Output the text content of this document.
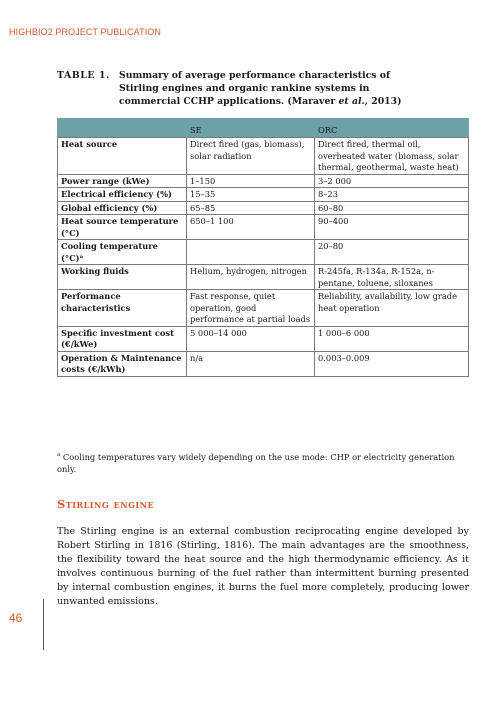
HIGHBIO2 PROJECT PUBLICATION
TABLE 1. Summary of average performance characteristics of Stirling engines and organic rankine systems in commercial CCHP applications. (Maraver et al., 2013)
	SE	ORC
Heat source	Direct fired (gas, biomass), solar radiation	Direct fired, thermal oil, overheated water (biomass, solar thermal, geothermal, waste heat)
Power range (kWe)	1–150	3–2 000
Electrical efficiency (%)	15–35	8–23
Global efficiency (%)	65–85	60–80
Heat source temperature (°C)	650–1 100	90–400
Cooling temperature (°C)ᵃ		20–80
Working fluids	Helium, hydrogen, nitrogen	R-245fa, R-134a, R-152a, n-pentane, toluene, siloxanes
Performance characteristics	Fast response, quiet operation, good performance at partial loads	Reliability, availability, low grade heat operation
Specific investment cost (€/kWe)	5 000–14 000	1 000–6 000
Operation & Maintenance costs (€/kWh)	n/a	0.003–0.009
$^a$ Cooling temperatures vary widely depending on the use mode: CHP or electricity generation only.
Stirling engine
The Stirling engine is an external combustion reciprocating engine developed by Robert Stirling in 1816 (Stirling, 1816). The main advantages are the smoothness, the flexibility toward the heat source and the high thermodynamic efficiency. As it involves continuous burning of the fuel rather than intermittent burning presented by internal combustion engines, it burns the fuel more completely, producing lower unwanted emissions.
46
